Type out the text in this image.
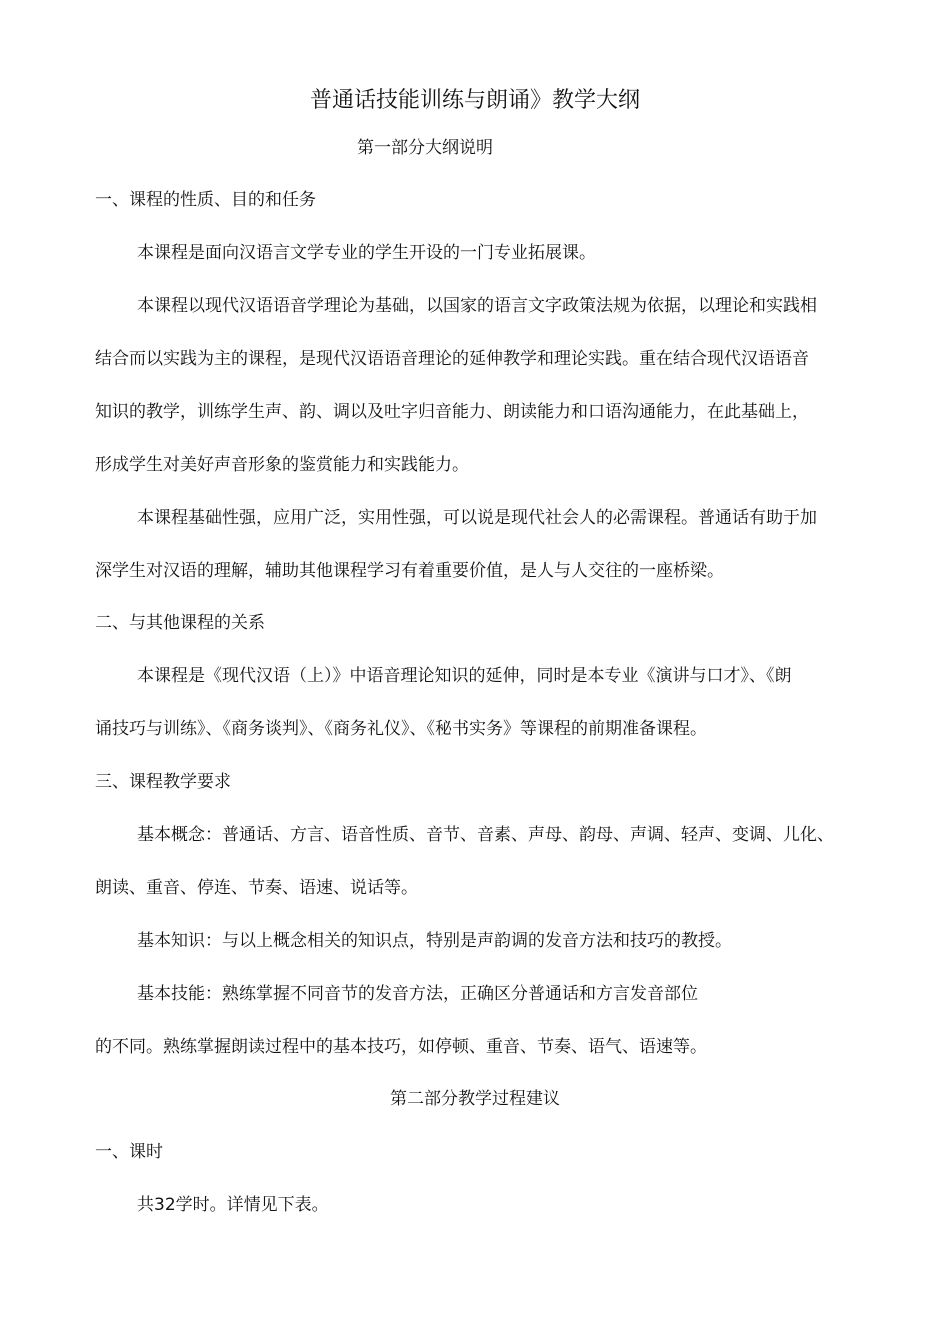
普通话技能训练与朗诵》教学大纲
第一部分大纲说明
一、课程的性质、目的和任务
本课程是面向汉语言文学专业的学生开设的一门专业拓展课。
本课程以现代汉语语音学理论为基础，以国家的语言文字政策法规为依据，以理论和实践相
结合而以实践为主的课程，是现代汉语语音理论的延伸教学和理论实践。重在结合现代汉语语音
知识的教学，训练学生声、韵、调以及吐字归音能力、朗读能力和口语沟通能力，在此基础上，
形成学生对美好声音形象的鉴赏能力和实践能力。
本课程基础性强，应用广泛，实用性强，可以说是现代社会人的必需课程。普通话有助于加
深学生对汉语的理解，辅助其他课程学习有着重要价值，是人与人交往的一座桥梁。
二、与其他课程的关系
本课程是《现代汉语（上）》中语音理论知识的延伸，同时是本专业《演讲与口才》、《朗
诵技巧与训练》、《商务谈判》、《商务礼仪》、《秘书实务》等课程的前期准备课程。
三、课程教学要求
基本概念：普通话、方言、语音性质、音节、音素、声母、韵母、声调、轻声、变调、儿化、
朗读、重音、停连、节奏、语速、说话等。
基本知识：与以上概念相关的知识点，特别是声韵调的发音方法和技巧的教授。
基本技能：熟练掌握不同音节的发音方法，正确区分普通话和方言发音部位
的不同。熟练掌握朗读过程中的基本技巧，如停顿、重音、节奏、语气、语速等。
第二部分教学过程建议
一、课时
共32学时。详情见下表。
